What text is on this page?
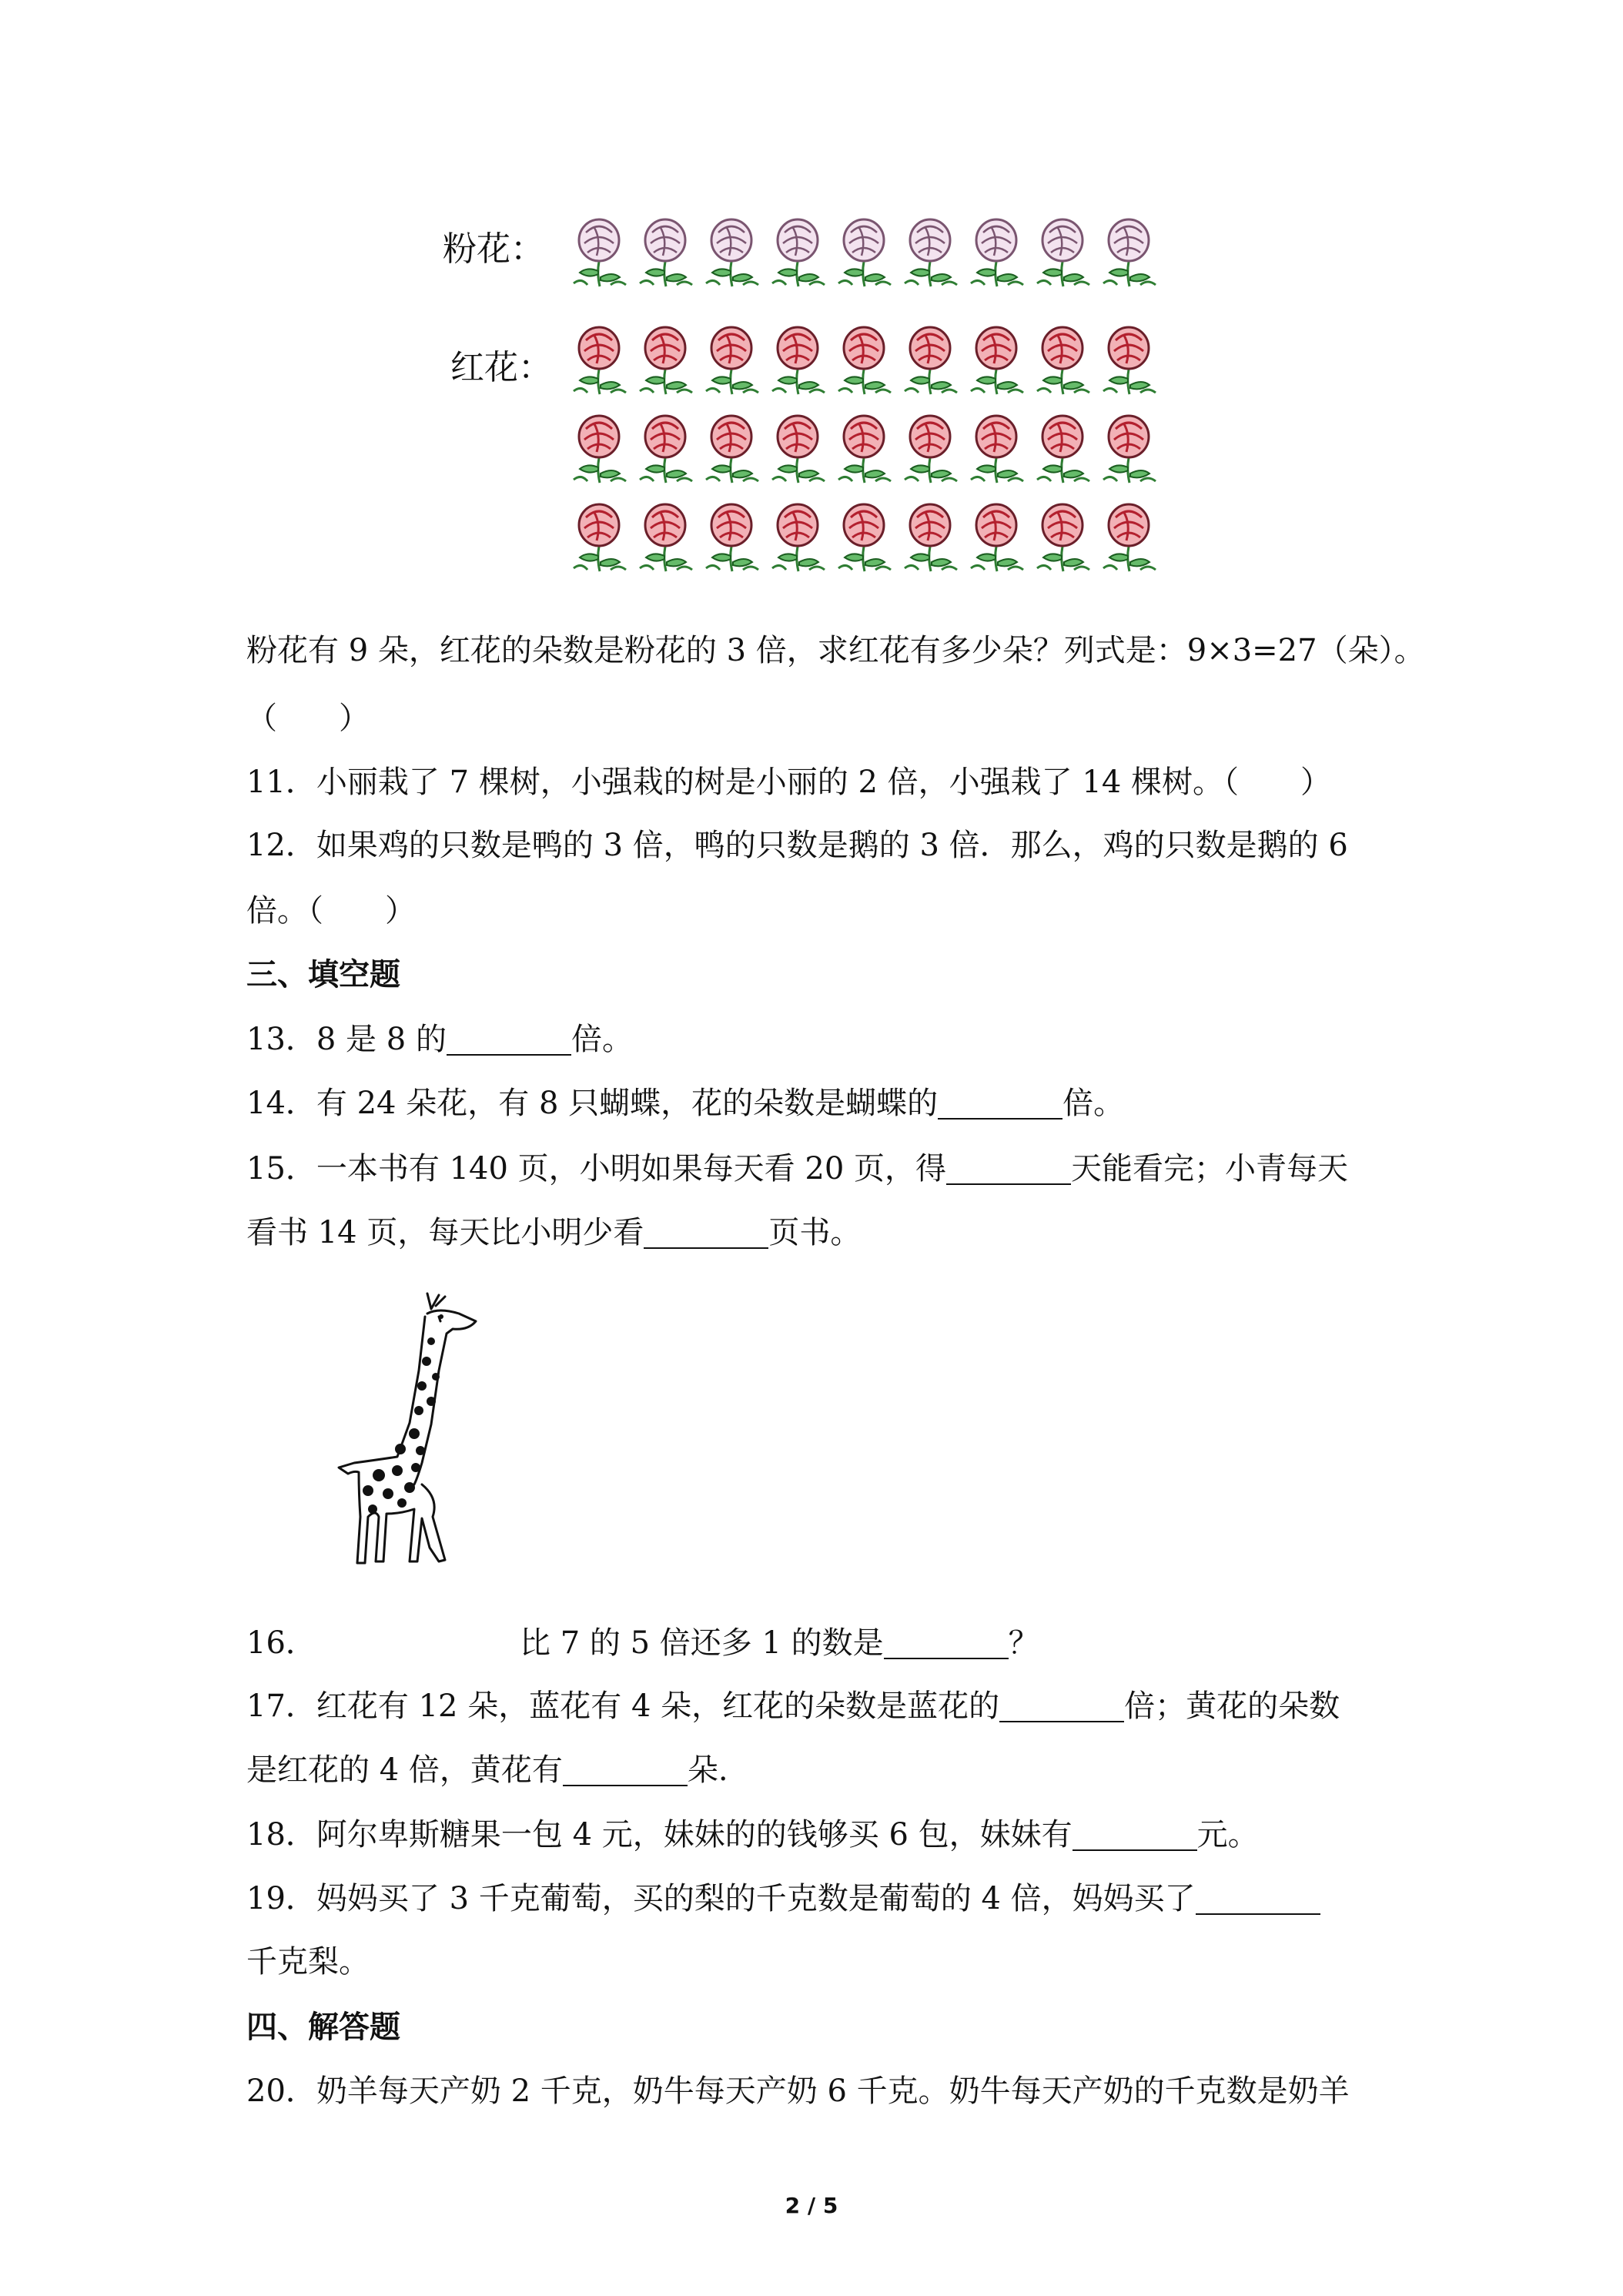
粉花：
红花：
粉花有 9 朵，红花的朵数是粉花的 3 倍，求红花有多少朵？列式是：9×3=27（朵）。
（　　）
11．小丽栽了 7 棵树，小强栽的树是小丽的 2 倍，小强栽了 14 棵树。（　　）
12．如果鸡的只数是鸭的 3 倍，鸭的只数是鹅的 3 倍．那么，鸡的只数是鹅的 6
倍。（　　）
三、填空题
13．8 是 8 的	倍。
14．有 24 朵花，有 8 只蝴蝶，花的朵数是蝴蝶的	倍。
15．一本书有 140 页，小明如果每天看 20 页，得	天能看完；小青每天
看书 14 页，每天比小明少看	页书。
16．	比 7 的 5 倍还多 1 的数是	？
17．红花有 12 朵，蓝花有 4 朵，红花的朵数是蓝花的	倍；黄花的朵数
是红花的 4 倍，黄花有	朵.
18．阿尔卑斯糖果一包 4 元，妹妹的的钱够买 6 包，妹妹有	元。
19．妈妈买了 3 千克葡萄，买的梨的千克数是葡萄的 4 倍，妈妈买了
千克梨。
四、解答题
20．奶羊每天产奶 2 千克，奶牛每天产奶 6 千克。奶牛每天产奶的千克数是奶羊
2 / 5
